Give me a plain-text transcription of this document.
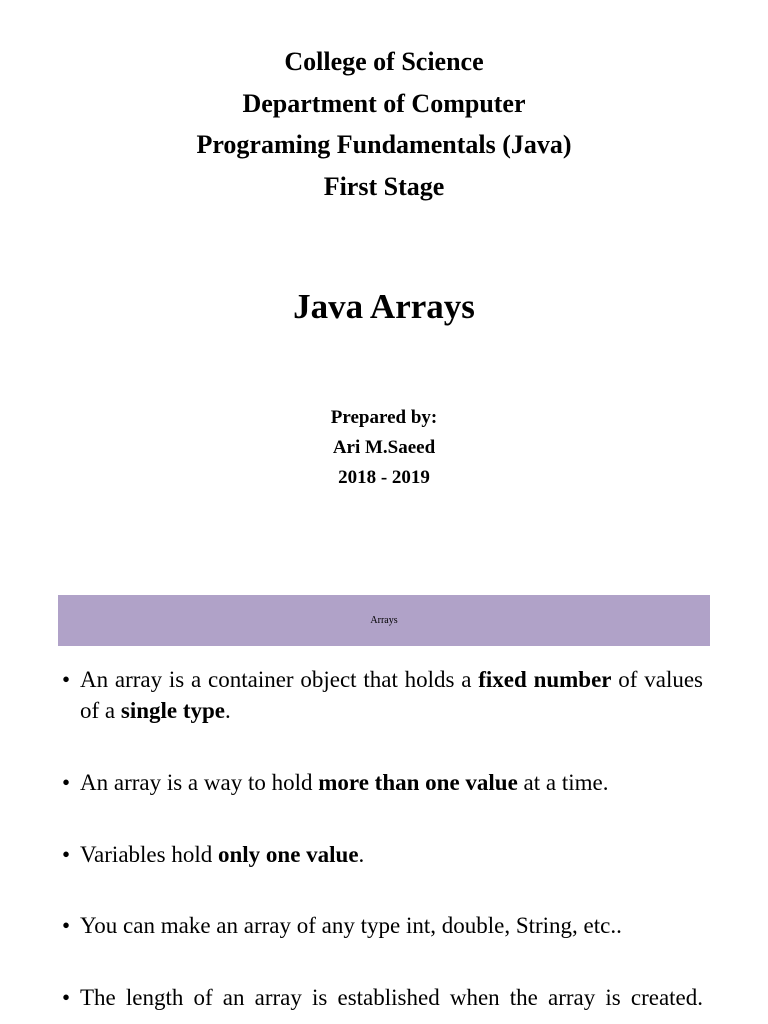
College of Science
Department of Computer
Programing Fundamentals (Java)
First Stage
Java Arrays
Prepared by:
Ari M.Saeed
2018 - 2019
Arrays
• An array is a container object that holds a fixed number of values of a single type.
• An array is a way to hold more than one value at a time.
• Variables hold only one value.
• You can make an array of any type int, double, String, etc..
• The length of an array is established when the array is created.
